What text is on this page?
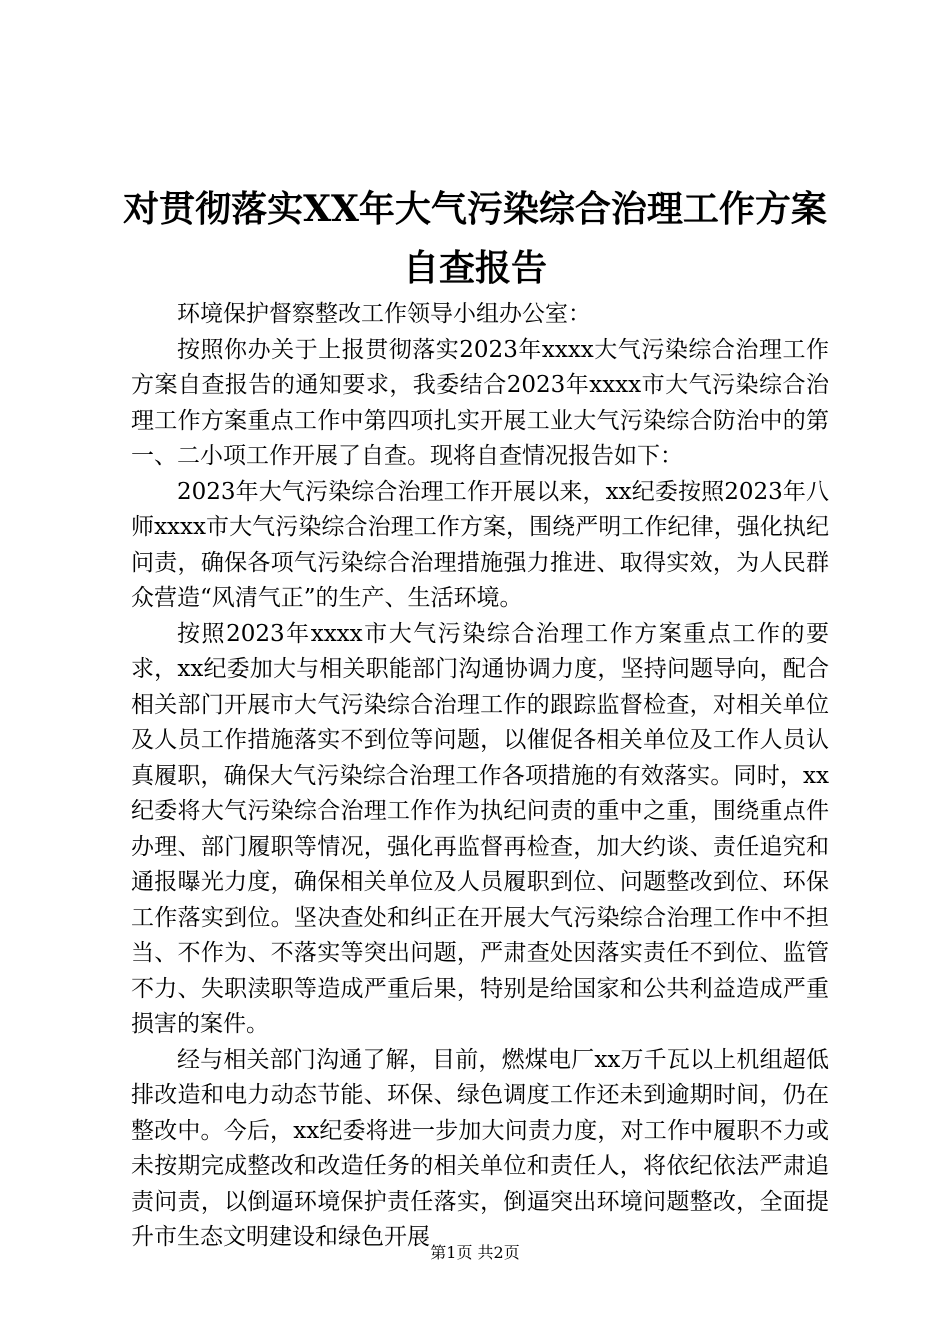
对贯彻落实XX年大气污染综合治理工作方案
自查报告

环境保护督察整改工作领导小组办公室：

按照你办关于上报贯彻落实2023年xxxx大气污染综合治理工作方案自查报告的通知要求，我委结合2023年xxxx市大气污染综合治理工作方案重点工作中第四项扎实开展工业大气污染综合防治中的第一、二小项工作开展了自查。现将自查情况报告如下：

2023年大气污染综合治理工作开展以来，xx纪委按照2023年八师xxxx市大气污染综合治理工作方案，围绕严明工作纪律，强化执纪问责，确保各项气污染综合治理措施强力推进、取得实效，为人民群众营造“风清气正”的生产、生活环境。

按照2023年xxxx市大气污染综合治理工作方案重点工作的要求，xx纪委加大与相关职能部门沟通协调力度，坚持问题导向，配合相关部门开展市大气污染综合治理工作的跟踪监督检查，对相关单位及人员工作措施落实不到位等问题，以催促各相关单位及工作人员认真履职，确保大气污染综合治理工作各项措施的有效落实。同时，xx纪委将大气污染综合治理工作作为执纪问责的重中之重，围绕重点件办理、部门履职等情况，强化再监督再检查，加大约谈、责任追究和通报曝光力度，确保相关单位及人员履职到位、问题整改到位、环保工作落实到位。坚决查处和纠正在开展大气污染综合治理工作中不担当、不作为、不落实等突出问题，严肃查处因落实责任不到位、监管不力、失职渎职等造成严重后果，特别是给国家和公共利益造成严重损害的案件。

经与相关部门沟通了解，目前，燃煤电厂xx万千瓦以上机组超低排改造和电力动态节能、环保、绿色调度工作还未到逾期时间，仍在整改中。今后，xx纪委将进一步加大问责力度，对工作中履职不力或未按期完成整改和改造任务的相关单位和责任人，将依纪依法严肃追责问责，以倒逼环境保护责任落实，倒逼突出环境问题整改，全面提升市生态文明建设和绿色开展

第1页 共2页
